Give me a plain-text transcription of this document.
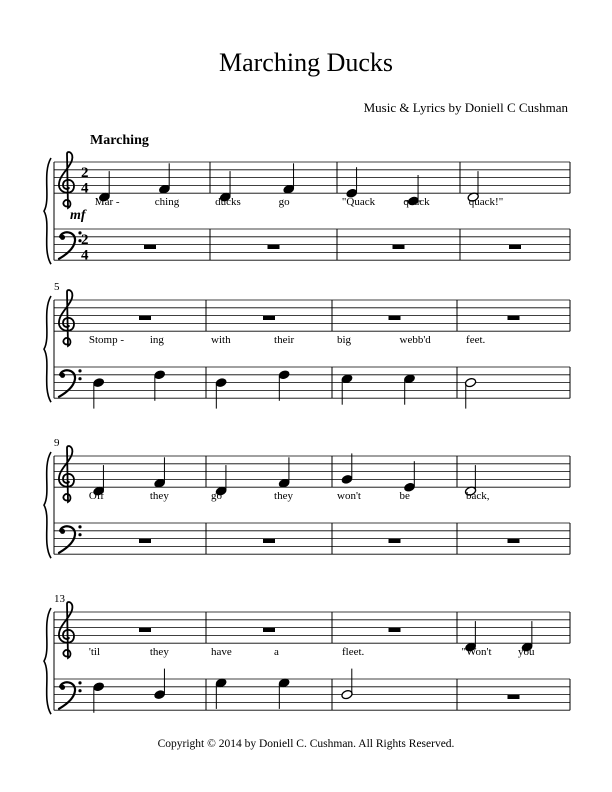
Marching Ducks
Music & Lyrics by Doniell C Cushman
Marching
2
4
2
4
mf
Mar -	ching	ducks	go	"Quack	quack	quack!"
5
Stomp - ing	with	their	big	webb'd	feet.
9
Off	they	go	they	won't	be	back,
13
'til	they	have	a	fleet.	"Won't you
Copyright © 2014 by Doniell C. Cushman. All Rights Reserved.
